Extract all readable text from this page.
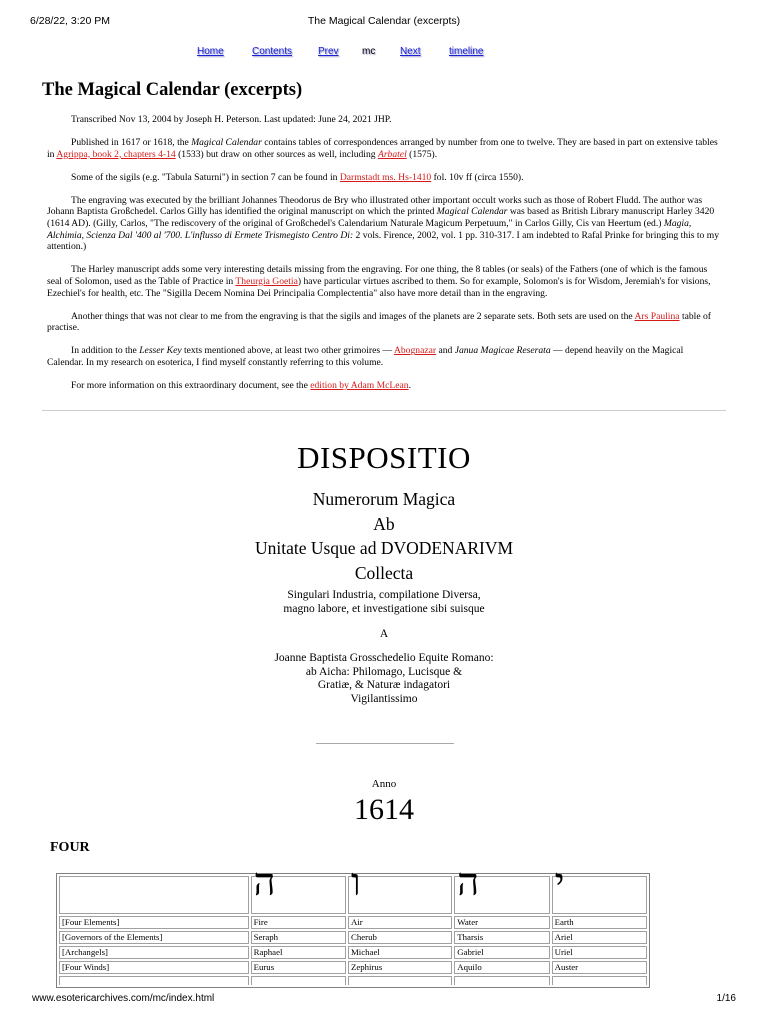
6/28/22, 3:20 PM	The Magical Calendar (excerpts)
Home	Contents	Prev mc Next	timeline
The Magical Calendar (excerpts)

Transcribed Nov 13, 2004 by Joseph H. Peterson. Last updated: June 24, 2021 JHP.

Published in 1617 or 1618, the Magical Calendar contains tables of correspondences arranged by number from one to twelve. They are based in part on extensive tables in Agrippa, book 2, chapters 4-14 (1533) but draw on other sources as well, including Arbatel (1575).

Some of the sigils (e.g. "Tabula Saturni") in section 7 can be found in Darmstadt ms. Hs-1410 fol. 10v ff (circa 1550).

The engraving was executed by the brilliant Johannes Theodorus de Bry who illustrated other important occult works such as those of Robert Fludd. The author was Johann Baptista Großchedel. Carlos Gilly has identified the original manuscript on which the printed Magical Calendar was based as British Library manuscript Harley 3420 (1614 AD). (Gilly, Carlos, "The rediscovery of the original of Großchedel's Calendarium Naturale Magicum Perpetuum," in Carlos Gilly, Cis van Heertum (ed.) Magia, Alchimia, Scienza Dal '400 al '700. L'influsso di Ermete Trismegisto Centro Di: 2 vols. Firence, 2002, vol. 1 pp. 310-317. I am indebted to Rafal Prinke for bringing this to my attention.)

The Harley manuscript adds some very interesting details missing from the engraving. For one thing, the 8 tables (or seals) of the Fathers (one of which is the famous seal of Solomon, used as the Table of Practice in Theurgia Goetia) have particular virtues ascribed to them. So for example, Solomon's is for Wisdom, Jeremiah's for visions, Ezechiel's for health, etc. The "Sigilla Decem Nomina Dei Principalia Complectentia" also have more detail than in the engraving.

Another things that was not clear to me from the engraving is that the sigils and images of the planets are 2 separate sets. Both sets are used on the Ars Paulina table of practise.

In addition to the Lesser Key texts mentioned above, at least two other grimoires — Abognazar and Janua Magicae Reserata — depend heavily on the Magical Calendar. In my research on esoterica, I find myself constantly referring to this volume.

For more information on this extraordinary document, see the edition by Adam McLean.

DISPOSITIO
Numerorum Magica
Ab
Unitate Usque ad DVODENARIVM
Collecta
Singulari Industria, compilatione Diversa,
magno labore, et investigatione sibi suisque
A
Joanne Baptista Grosschedelio Equite Romano:
ab Aicha: Philomago, Lucisque &
Gratiæ, & Naturæ indagatori
Vigilantissimo
Anno
1614
FOUR
	ה	ו	ה	י
[Four Elements]	Fire	Air	Water	Earth
[Governors of the Elements]	Seraph	Cherub	Tharsis	Ariel
[Archangels]	Raphael	Michael	Gabriel	Uriel
[Four Winds]	Eurus	Zephirus	Aquilo	Auster

www.esotericarchives.com/mc/index.html	1/16
